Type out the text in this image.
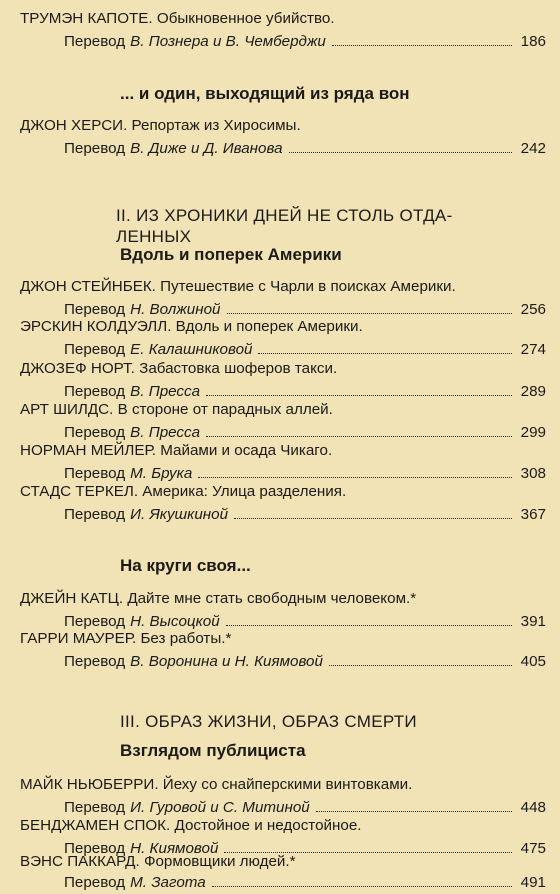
ТРУМЭН КАПОТЕ. Обыкновенное убийство.
Перевод В. Познера и В. Чемберджи	186
... и один, выходящий из ряда вон
ДЖОН ХЕРСИ. Репортаж из Хиросимы.
Перевод В. Диже и Д. Иванова	242
II. ИЗ ХРОНИКИ ДНЕЙ НЕ СТОЛЬ ОТДА-
ЛЕННЫХ
Вдоль и поперек Америки
ДЖОН СТЕЙНБЕК. Путешествие с Чарли в поисках Америки.
Перевод Н. Волжиной	256
ЭРСКИН КОЛДУЭЛЛ. Вдоль и поперек Америки.
Перевод Е. Калашниковой	274
ДЖОЗЕФ НОРТ. Забастовка шоферов такси.
Перевод В. Пресса	289
АРТ ШИЛДС. В стороне от парадных аллей.
Перевод В. Пресса	299
НОРМАН МЕЙЛЕР. Майами и осада Чикаго.
Перевод М. Брука	308
СТАДС ТЕРКЕЛ. Америка: Улица разделения.
Перевод И. Якушкиной	367
На круги своя...
ДЖЕЙН КАТЦ. Дайте мне стать свободным человеком.*
Перевод Н. Высоцкой	391
ГАРРИ МАУРЕР. Без работы.*
Перевод В. Воронина и Н. Киямовой	405
III. ОБРАЗ ЖИЗНИ, ОБРАЗ СМЕРТИ
Взглядом публициста
МАЙК НЬЮБЕРРИ. Йеху со снайперскими винтовками.
Перевод И. Гуровой и С. Митиной	448
БЕНДЖАМЕН СПОК. Достойное и недостойное.
Перевод Н. Киямовой	475
ВЭНС ПАККАРД. Формовщики людей.*
Перевод М. Загота	491
